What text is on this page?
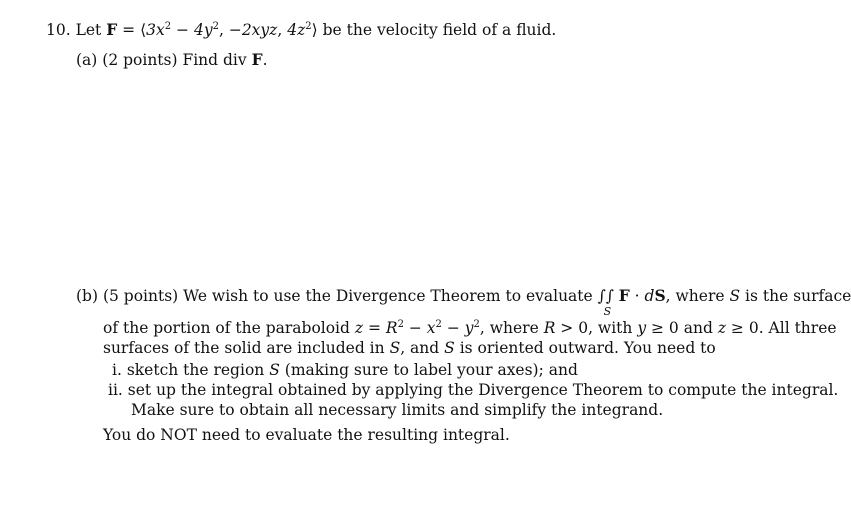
10. Let $F = ⟨3x^2 - 4y^2$, −2xyz, $4z^2⟩$ be the velocity field of a fluid.
(a) (2 points) Find div F.
(b) (5 points) We wish to use the Divergence Theorem to evaluate ∫∫
S
F · dS, where S is the surface
of the portion of the paraboloid $z = R^2 - x^2 - y^2$, where R > 0, with y ≥ 0 and z ≥ 0. All three
surfaces of the solid are included in S, and S is oriented outward. You need to
i. sketch the region S (making sure to label your axes); and
ii. set up the integral obtained by applying the Divergence Theorem to compute the integral.
Make sure to obtain all necessary limits and simplify the integrand.
You do NOT need to evaluate the resulting integral.
